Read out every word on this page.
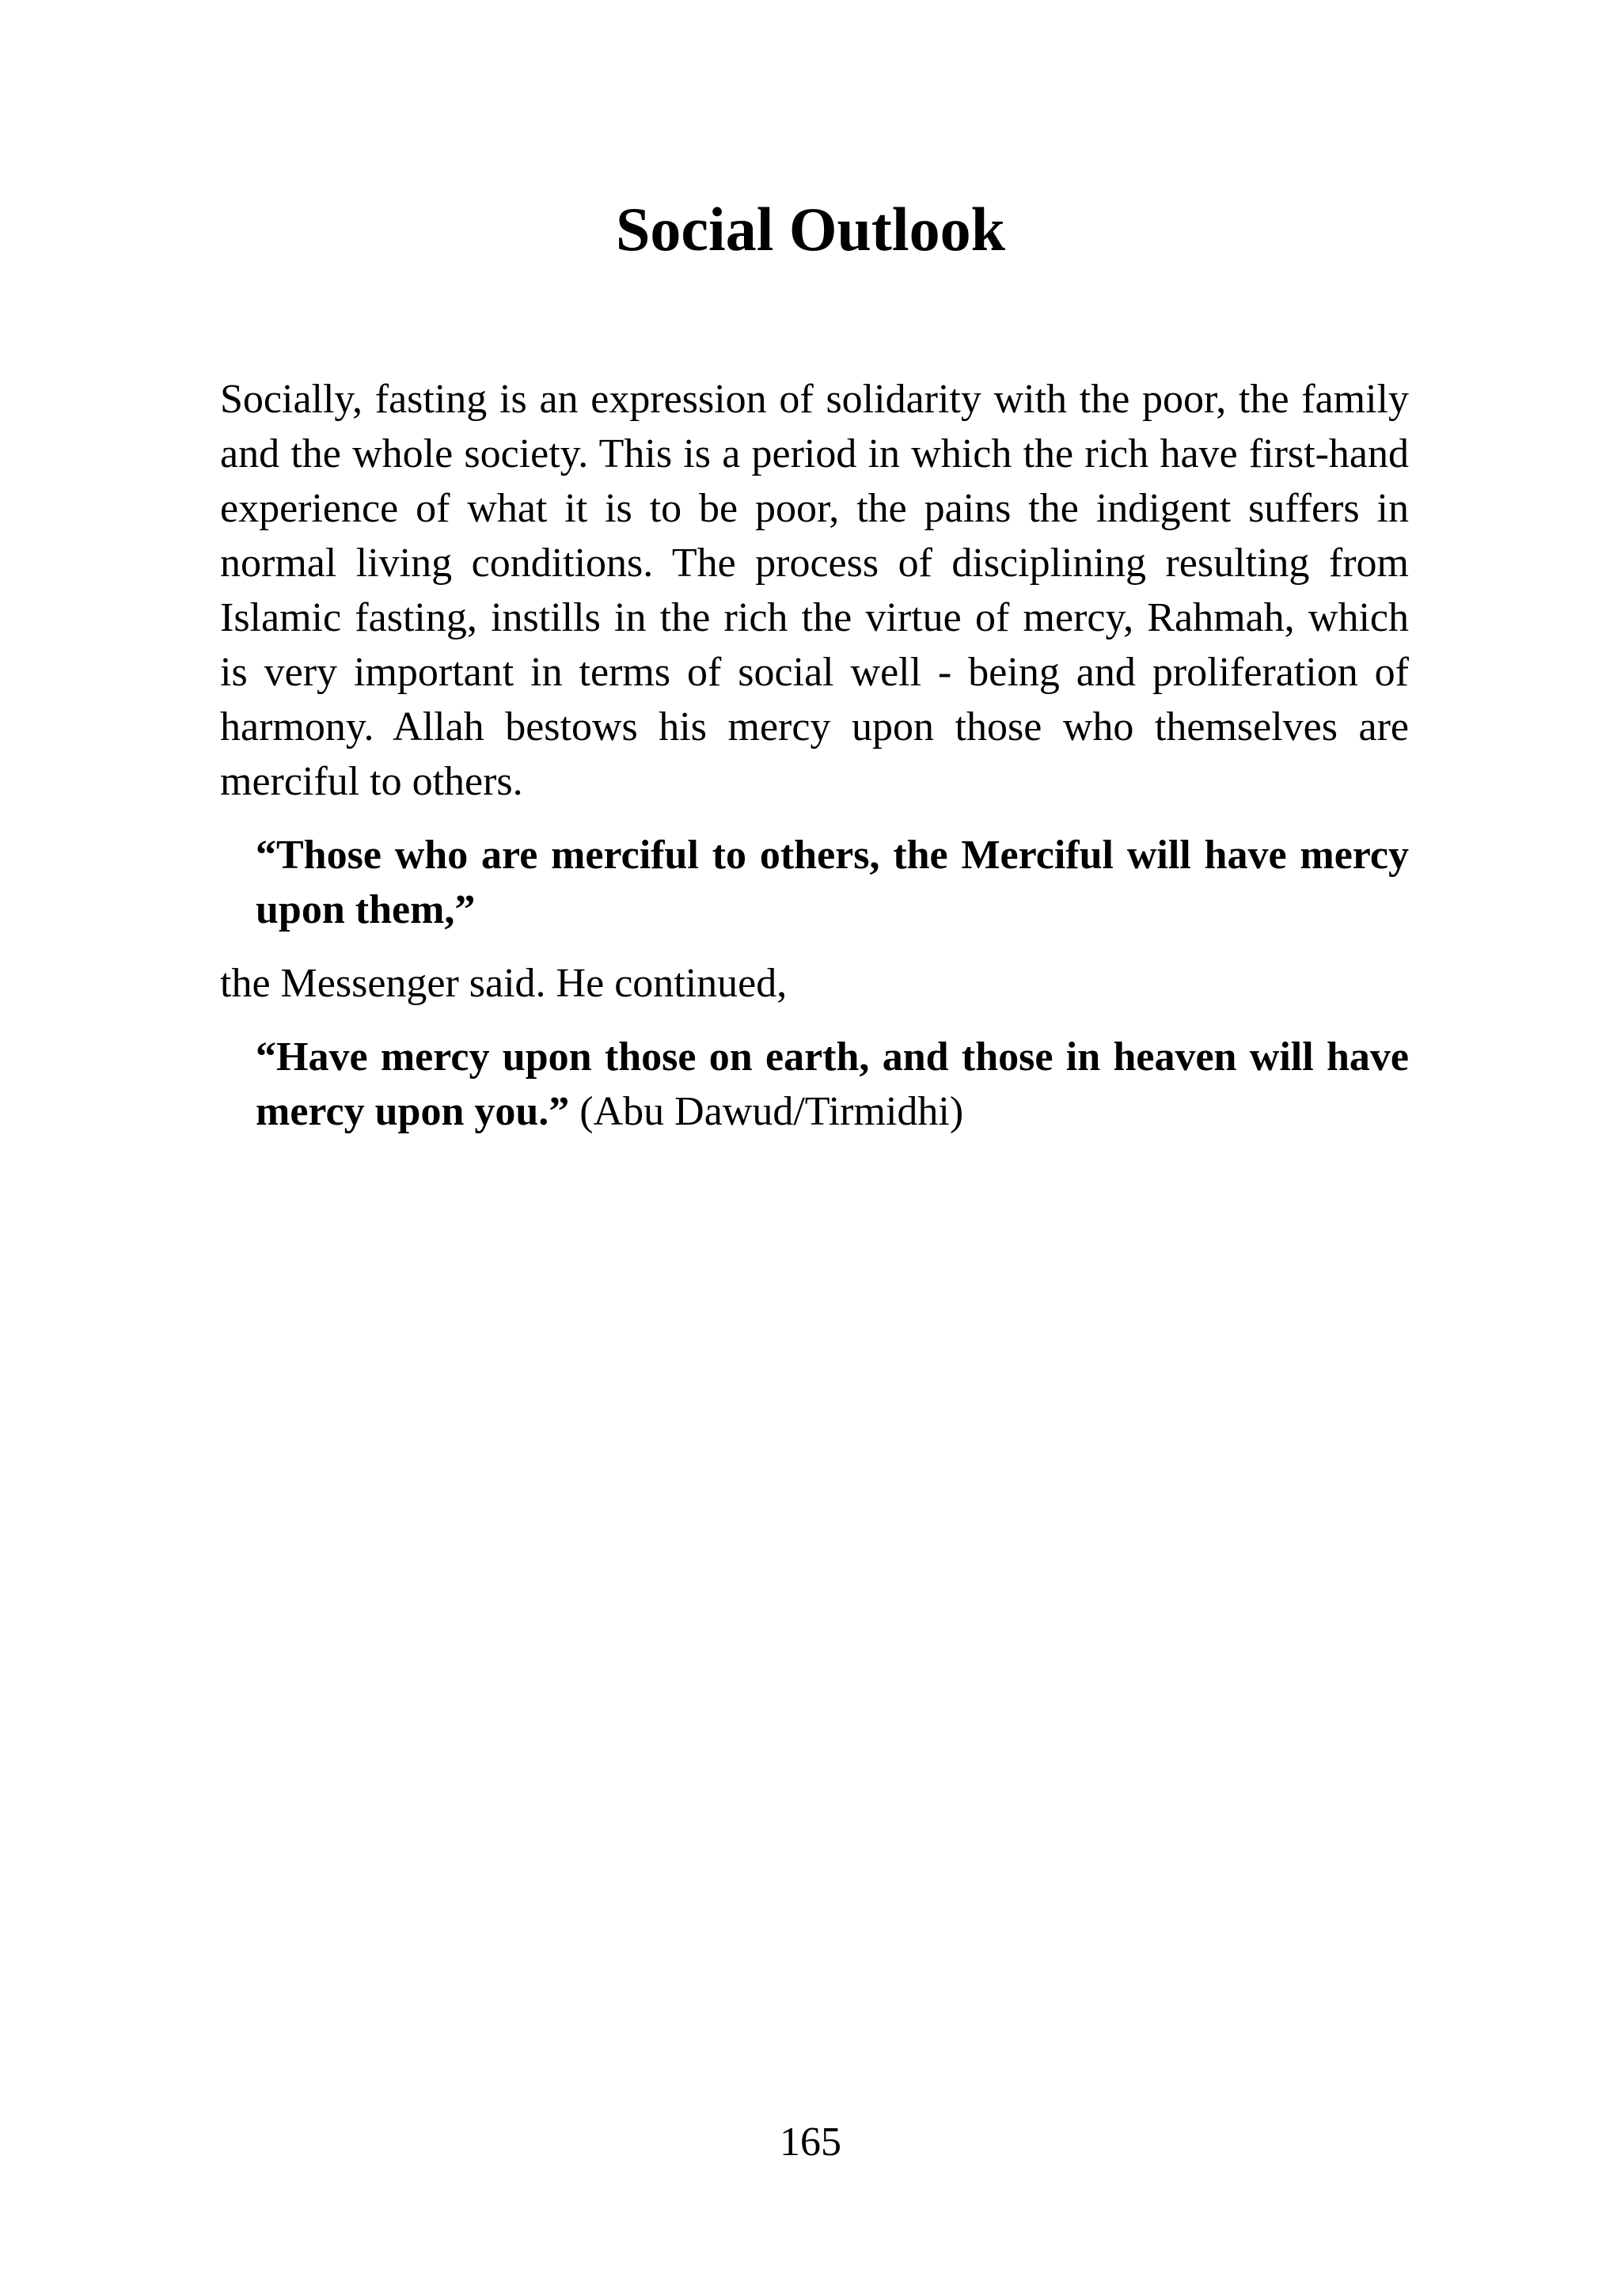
Social Outlook

Socially, fasting is an expression of solidarity with the poor, the family and the whole society. This is a period in which the rich have first-hand experience of what it is to be poor, the pains the indigent suffers in normal living conditions. The process of disciplining resulting from Islamic fasting, instills in the rich the virtue of mercy, Rahmah, which is very important in terms of social well - being and proliferation of harmony. Allah bestows his mercy upon those who themselves are merciful to others.

“Those who are merciful to others, the Merciful will have mercy upon them,”

the Messenger said. He continued,

“Have mercy upon those on earth, and those in heaven will have mercy upon you.” (Abu Dawud/Tirmidhi)

165
